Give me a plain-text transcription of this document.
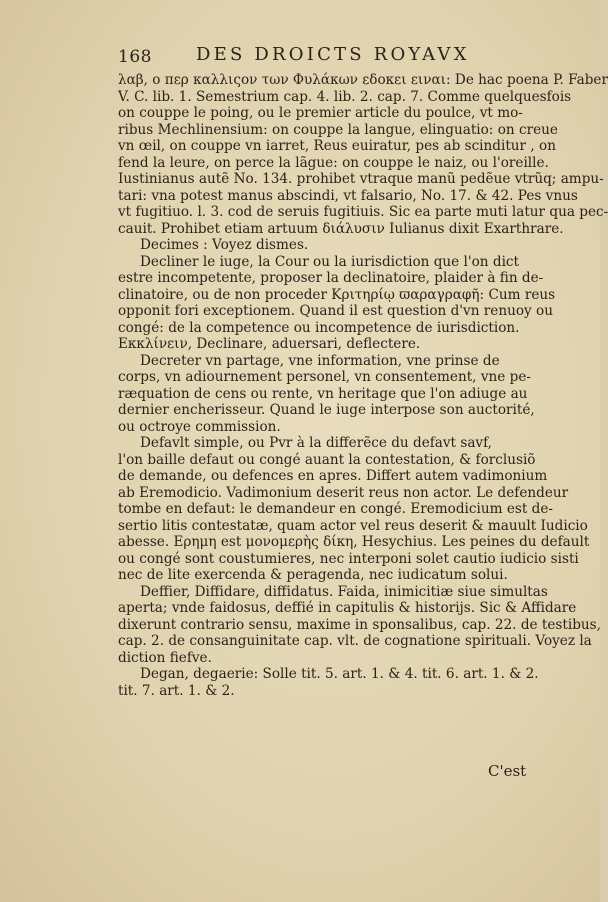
168 DES DROICTS ROYAVX
λαβ, ο περ καλλιςον των Φυλάκων εδοκει ειναι: De hac poena P. Faber
V. C. lib. 1. Semestrium cap. 4. lib. 2. cap. 7. Comme quelquesfois
on couppe le poing, ou le premier article du poulce, vt mo-
ribus Mechlinensium: on couppe la langue, elinguatio: on creue
vn œil, on couppe vn iarret, Reus euiratur, pes ab scinditur , on
fend la leure, on perce la lãgue: on couppe le naiz, ou l'oreille.
Iustinianus autẽ No. 134. prohibet vtraque manũ pedẽue vtrũq; ampu-
tari: vna potest manus abscindi, vt falsario, No. 17. & 42. Pes vnus
vt fugitiuo. l. 3. cod de seruis fugitiuis. Sic ea parte muti latur qua pec-
cauit. Prohibet etiam artuum διάλυσιν Iulianus dixit Exarthrare.
Decimes : Voyez dismes.
Decliner le iuge, la Cour ou la iurisdiction que l'on dict
estre incompetente, proposer la declinatoire, plaider à fin de-
clinatoire, ou de non proceder Κριτηρίῳ ϖαραγραφῆ: Cum reus
opponit fori exceptionem. Quand il est question d'vn renuoy ou
congé: de la competence ou incompetence de iurisdiction.
Εκκλίνειν, Declinare, aduersari, deflectere.
Decreter vn partage, vne information, vne prinse de
corps, vn adiournement personel, vn consentement, vne pe-
ræquation de cens ou rente, vn heritage que l'on adiuge au
dernier encherisseur. Quand le iuge interpose son auctorité,
ou octroye commission.
Defavlt simple, ou Pvr à la differẽce du defavt savf,
l'on baille defaut ou congé auant la contestation, & forclusiõ
de demande, ou defences en apres. Differt autem vadimonium
ab Eremodicio. Vadimonium deserit reus non actor. Le defendeur
tombe en defaut: le demandeur en congé. Eremodicium est de-
sertio litis contestatæ, quam actor vel reus deserit & mauult Iudicio
abesse. Ερημη est μονομερὴς δίκη, Hesychius. Les peines du default
ou congé sont coustumieres, nec interponi solet cautio iudicio sisti
nec de lite exercenda & peragenda, nec iudicatum solui.
Deffier, Diffidare, diffidatus. Faida, inimicitiæ siue simultas
aperta; vnde faidosus, deffié in capitulis & historijs. Sic & Affidare
dixerunt contrario sensu, maxime in sponsalibus, cap. 22. de testibus,
cap. 2. de consanguinitate cap. vlt. de cognatione spirituali. Voyez la
diction fiefve.
Degan, degaerie: Solle tit. 5. art. 1. & 4. tit. 6. art. 1. & 2.
tit. 7. art. 1. & 2.
C'est
